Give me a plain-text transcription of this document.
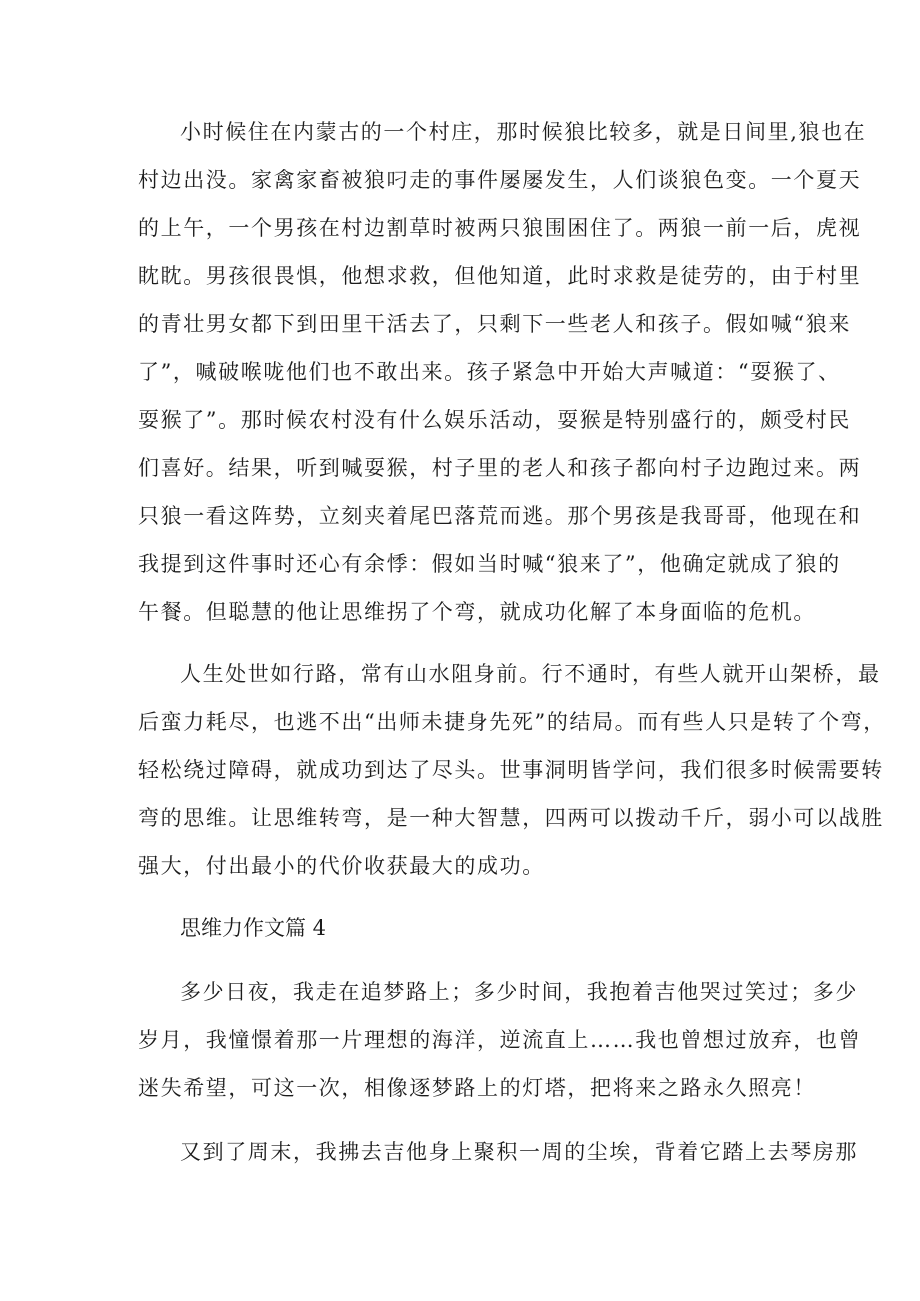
小时候住在内蒙古的一个村庄，那时候狼比较多，就是日间里,狼也在
村边出没。家禽家畜被狼叼走的事件屡屡发生，人们谈狼色变。一个夏天
的上午，一个男孩在村边割草时被两只狼围困住了。两狼一前一后，虎视
眈眈。男孩很畏惧，他想求救，但他知道，此时求救是徒劳的，由于村里
的青壮男女都下到田里干活去了，只剩下一些老人和孩子。假如喊“狼来
了”，喊破喉咙他们也不敢出来。孩子紧急中开始大声喊道：“耍猴了、
耍猴了”。那时候农村没有什么娱乐活动，耍猴是特别盛行的，颇受村民
们喜好。结果，听到喊耍猴，村子里的老人和孩子都向村子边跑过来。两
只狼一看这阵势，立刻夹着尾巴落荒而逃。那个男孩是我哥哥，他现在和
我提到这件事时还心有余悸：假如当时喊“狼来了”，他确定就成了狼的
午餐。但聪慧的他让思维拐了个弯，就成功化解了本身面临的危机。
人生处世如行路，常有山水阻身前。行不通时，有些人就开山架桥，最
后蛮力耗尽，也逃不出“出师未捷身先死”的结局。而有些人只是转了个弯，
轻松绕过障碍，就成功到达了尽头。世事洞明皆学问，我们很多时候需要转
弯的思维。让思维转弯，是一种大智慧，四两可以拨动千斤，弱小可以战胜
强大，付出最小的代价收获最大的成功。
思维力作文篇 4
多少日夜，我走在追梦路上；多少时间，我抱着吉他哭过笑过；多少
岁月，我憧憬着那一片理想的海洋，逆流直上……我也曾想过放弃，也曾
迷失希望，可这一次，相像逐梦路上的灯塔，把将来之路永久照亮！
又到了周末，我拂去吉他身上聚积一周的尘埃，背着它踏上去琴房那
